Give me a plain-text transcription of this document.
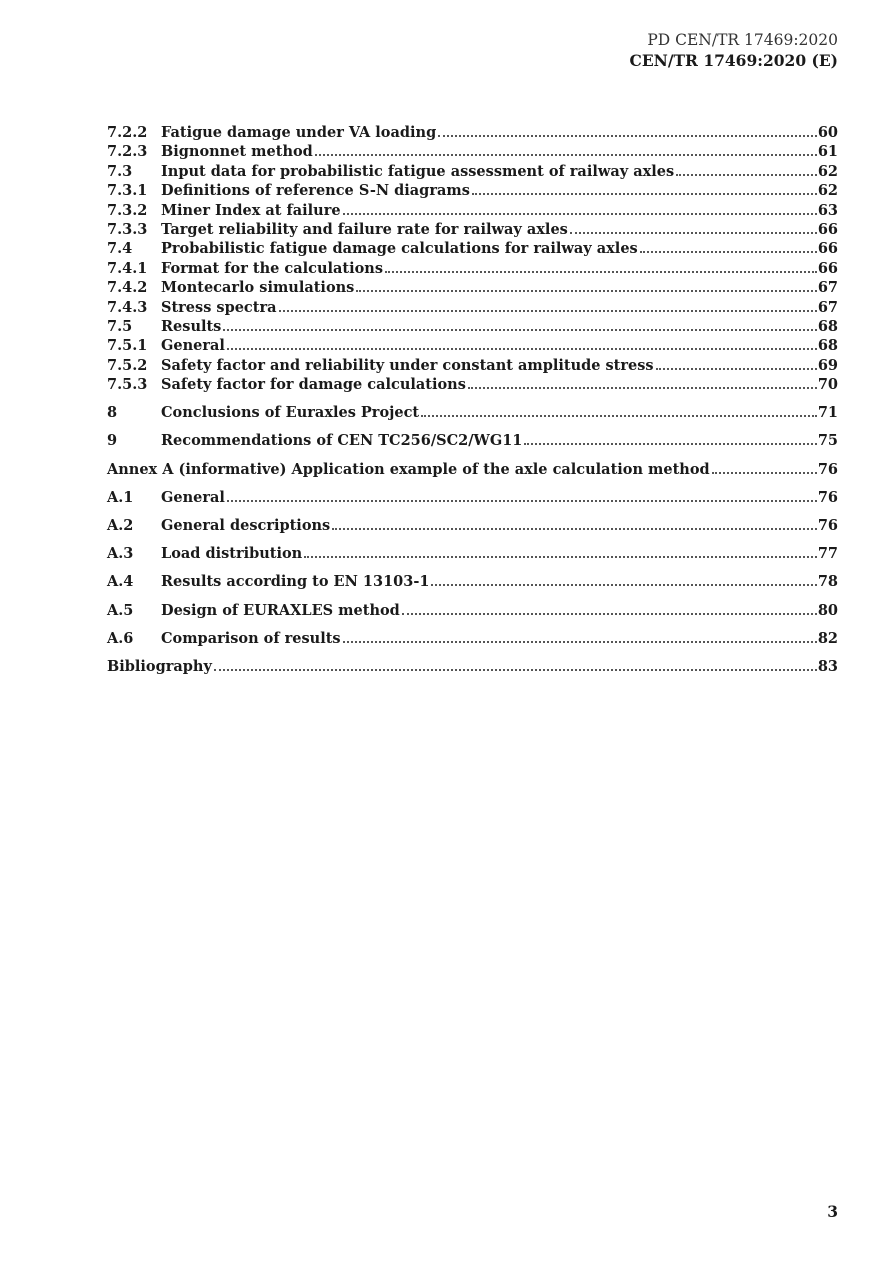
PD CEN/TR 17469:2020
CEN/TR 17469:2020 (E)
7.2.2 Fatigue damage under VA loading	60
7.2.3 Bignonnet method	61
7.3	Input data for probabilistic fatigue assessment of railway axles	62
7.3.1 Definitions of reference S-N diagrams	62
7.3.2 Miner Index at failure	63
7.3.3 Target reliability and failure rate for railway axles	66
7.4	Probabilistic fatigue damage calculations for railway axles	66
7.4.1 Format for the calculations	66
7.4.2 Montecarlo simulations	67
7.4.3 Stress spectra	67
7.5	Results	68
7.5.1 General	68
7.5.2 Safety factor and reliability under constant amplitude stress	69
7.5.3 Safety factor for damage calculations	70
8	Conclusions of Euraxles Project	71
9	Recommendations of CEN TC256/SC2/WG11	75
Annex A (informative) Application example of the axle calculation method	76
A.1	General	76
A.2	General descriptions	76
A.3	Load distribution	77
A.4	Results according to EN 13103-1	78
A.5	Design of EURAXLES method	80
A.6	Comparison of results	82
Bibliography	83
3
